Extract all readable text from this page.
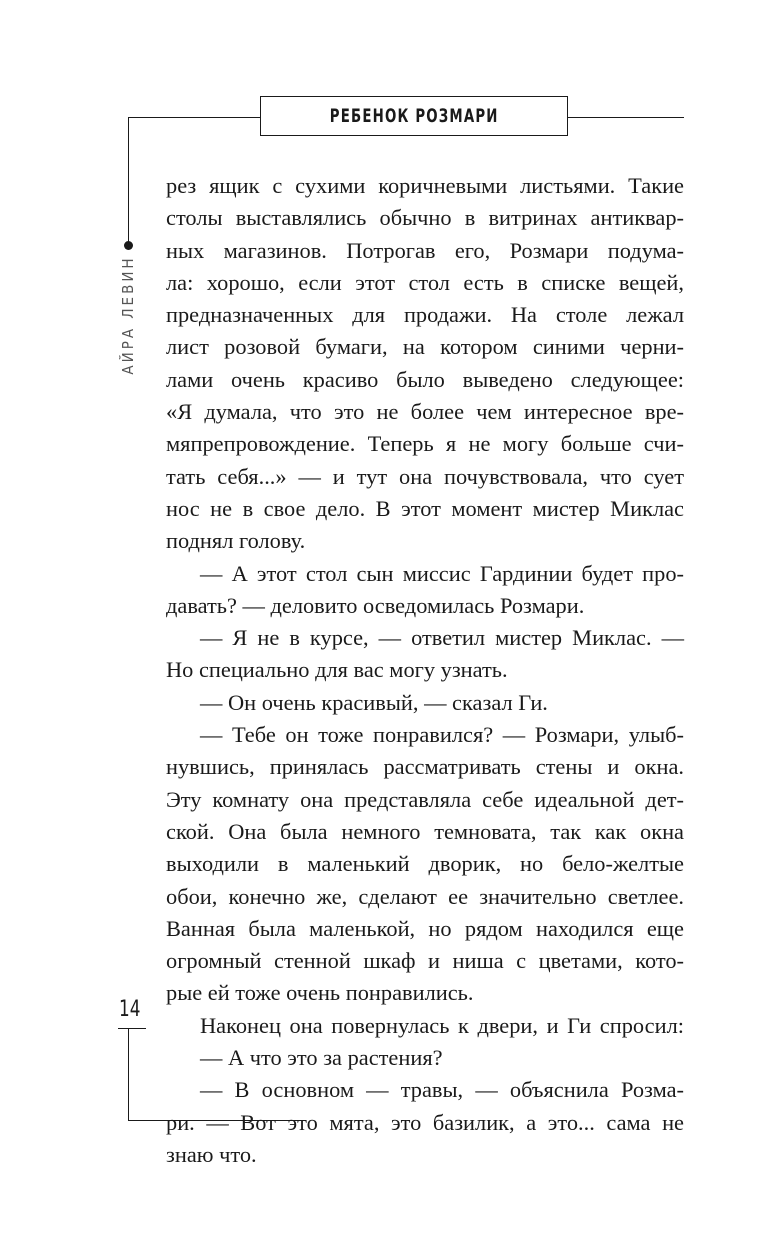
РЕБЕНОК РОЗМАРИ
АЙРА ЛЕВИН
рез ящик с сухими коричневыми листьями. Такие
столы выставлялись обычно в витринах антиквар-
ных магазинов. Потрогав его, Розмари подума-
ла: хорошо, если этот стол есть в списке вещей,
предназначенных для продажи. На столе лежал
лист розовой бумаги, на котором синими черни-
лами очень красиво было выведено следующее:
«Я думала, что это не более чем интересное вре-
мяпрепровождение. Теперь я не могу больше счи-
тать себя...» — и тут она почувствовала, что сует
нос не в свое дело. В этот момент мистер Миклас
поднял голову.
— А этот стол сын миссис Гардинии будет про-
давать? — деловито осведомилась Розмари.
— Я не в курсе, — ответил мистер Миклас. —
Но специально для вас могу узнать.
— Он очень красивый, — сказал Ги.
— Тебе он тоже понравился? — Розмари, улыб-
нувшись, принялась рассматривать стены и окна.
Эту комнату она представляла себе идеальной дет-
ской. Она была немного темновата, так как окна
выходили в маленький дворик, но бело-желтые
обои, конечно же, сделают ее значительно светлее.
Ванная была маленькой, но рядом находился еще
огромный стенной шкаф и ниша с цветами, кото-
рые ей тоже очень понравились.
Наконец она повернулась к двери, и Ги спросил:
— А что это за растения?
— В основном — травы, — объяснила Розма-
ри. — Вот это мята, это базилик, а это... сама не
знаю что.
14
